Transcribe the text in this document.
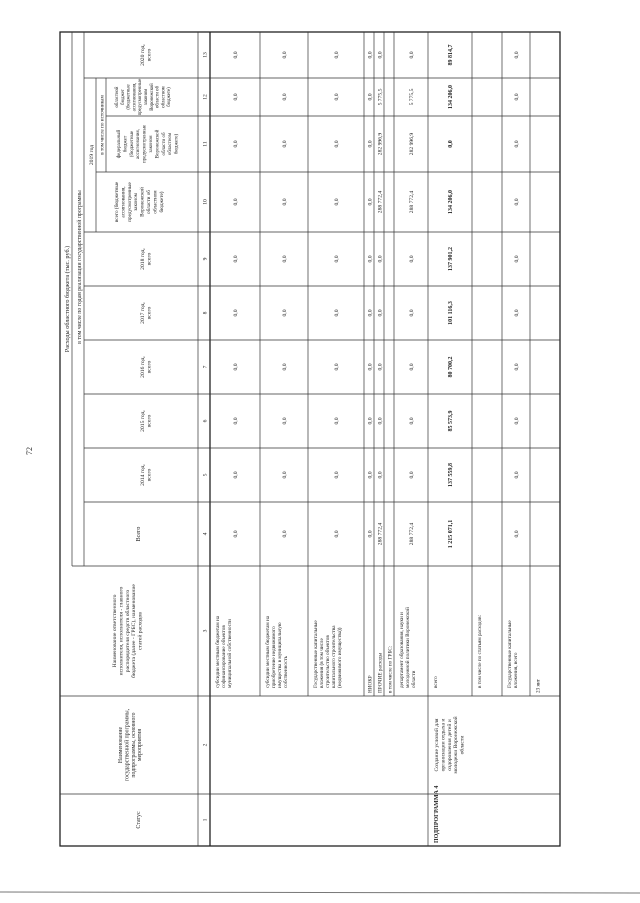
72
Расходы областного бюджета (тыс. руб.) в том числе по годам реализации государственной программы
2019 год
в том числе по источникам
Статус
Наименование государственной программы, подпрограммы, основного мероприятия
Наименование ответственного исполнителя, исполнителя - главного распорядителя средств областного бюджета (далее - ГРБС), наименование статей расходов
Всего
2014 год, всего
2015 год, всего
2016 год, всего
2017 год, всего
2018 год, всего
всего (бюджетные ассигнования, предусмотренные законом Воронежской области об областном бюджете)
федеральный бюджет (бюджетные ассигнования, предусмотренные законом Воронежской области об областном бюджете)
областной бюджет (бюджетные ассигнования, предусмотренные законом Воронежской области об областном бюджете)
2020 год, всего
1
2
3
4
5
6
7
8
9
10
11
12
13
субсидии местным бюджетам на софинансирование объектов муниципальной собственности
0,0
0,0
0,0
0,0
0,0
0,0
0,0
0,0
0,0
0,0
субсидии местным бюджетам на приобретение недвижимого имущества в муниципальную собственность
0,0
0,0
0,0
0,0
0,0
0,0
0,0
0,0
0,0
0,0
Государственные капитальные вложения (в том числе строительство объектов капитального строительства (недвижимого имущества))
0,0
0,0
0,0
0,0
0,0
0,0
0,0
0,0
0,0
0,0
НИОКР
0,0
0,0
0,0
0,0
0,0
0,0
0,0
0,0
0,0
0,0
ПРОЧИЕ расходы
288 772,4
0,0
0,0
0,0
0,0
0,0
288 772,4
282 996,9
5 775,5
0,0
в том числе по ГРБС: департамент образования, науки и молодежной политики Воронежской области
288 772,4
0,0
0,0
0,0
0,0
0,0
288 772,4
282 996,9
5 775,5
0,0
ПОДПРОГРАММА 4
Создание условий для организации отдыха и оздоровления детей и молодежи Воронежской области
всего
1 215 071,1
137 559,8
85 573,9
80 700,2
101 116,3
137 901,2
134 206,0
0,0
134 206,0
89 814,7
в том числе по статьям расходов:	Государственные капитальные вложения, всего
0,0
0,0
0,0
0,0
0,0
0,0
0,0
0,0
0,0
0,0
23 янт
